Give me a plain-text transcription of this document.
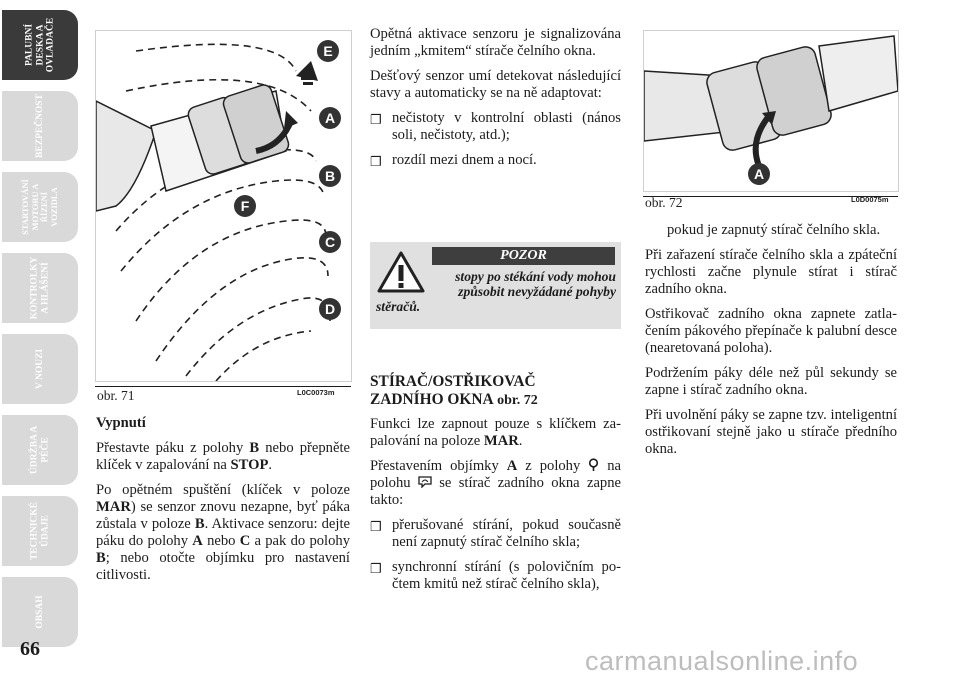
PALUBNÍ DESKA A OVLADAČE
BEZPEČNOST
STARTOVÁNÍ MOTORU A ŘÍZENÍ VOZIDLA
KONTROLKY A HLÁŠENÍ
V NOUZI
ÚDRŽBA A PÉČE
TECHNICKÉ ÚDAJE
OBSAH
66
E
A
B
F
C
D
obr. 71	L0C0073m

Vypnutí

Přestavte páku z polohy B nebo přepněte klíček v zapalování na STOP.

Po opětném spuštění (klíček v poloze MAR) se senzor znovu nezapne, byť páka zůstala v poloze B. Aktivace senzoru: dejte páku do polohy A nebo C a pak do polohy B; nebo otočte objímku pro nastavení citlivosti.

Opětná aktivace senzoru je signalizována jedním „kmitem“ stírače čelního okna.

Dešťový senzor umí detekovat následující stavy a automaticky se na ně adaptovat:

❒ nečistoty v kontrolní oblasti (nános soli, nečistoty, atd.);
❒ rozdíl mezi dnem a nocí.
POZOR
stopy po stékání vody mohou způsobit nevyžádané pohyby
stěračů.
STÍRAČ/OSTŘIKOVAČ
ZADNÍHO OKNA obr. 72

Funkci lze zapnout pouze s klíčkem zapalování na poloze MAR.

Přestavením objímky A z polohy  na polohu  se stírač zadního okna zapne takto:

❒ přerušované stírání, pokud současně není zapnutý stírač čelního skla;
❒ synchronní stírání (s polovičním počtem kmitů než stírač čelního skla),
A
obr. 72	L0D0075m

pokud je zapnutý stírač čelního skla.

Při zařazení stírače čelního skla a zpáteční rychlosti začne plynule stírat i stírač zadního okna.

Ostřikovač zadního okna zapnete zatlačením pákového přepínače k palubní desce (nearetovaná poloha).

Podržením páky déle než půl sekundy se zapne i stírač zadního okna.

Při uvolnění páky se zapne tzv. inteligentní ostřikovaní stejně jako u stírače předního okna.

carmanualsonline.info
